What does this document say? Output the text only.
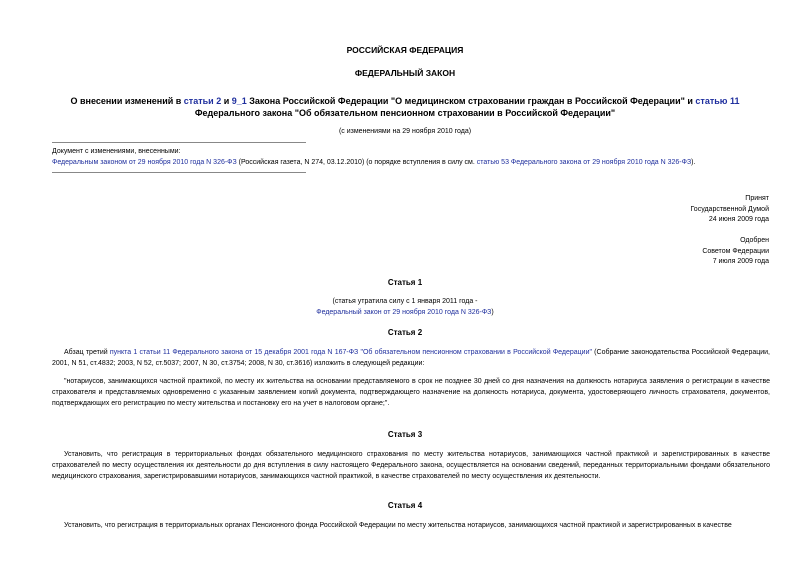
РОССИЙСКАЯ ФЕДЕРАЦИЯ
ФЕДЕРАЛЬНЫЙ ЗАКОН
О внесении изменений в статьи 2 и 9_1 Закона Российской Федерации "О медицинском страховании граждан в Российской Федерации" и статью 11 Федерального закона "Об обязательном пенсионном страховании в Российской Федерации"
(с изменениями на 29 ноября 2010 года)
Документ с изменениями, внесенными:
Федеральным законом от 29 ноября 2010 года N 326-ФЗ (Российская газета, N 274, 03.12.2010) (о порядке вступления в силу см. статью 53 Федерального закона от 29 ноября 2010 года N 326-ФЗ).
Принят
Государственной Думой
24 июня 2009 года
Одобрен
Советом Федерации
7 июля 2009 года
Статья 1
(статья утратила силу с 1 января 2011 года -
Федеральный закон от 29 ноября 2010 года N 326-ФЗ)
Статья 2
Абзац третий пункта 1 статьи 11 Федерального закона от 15 декабря 2001 года N 167-ФЗ "Об обязательном пенсионном страховании в Российской Федерации" (Собрание законодательства Российской Федерации, 2001, N 51, ст.4832; 2003, N 52, ст.5037; 2007, N 30, ст.3754; 2008, N 30, ст.3616) изложить в следующей редакции:
"нотариусов, занимающихся частной практикой, по месту их жительства на основании представляемого в срок не позднее 30 дней со дня назначения на должность нотариуса заявления о регистрации в качестве страхователя и представляемых одновременно с указанным заявлением копий документа, подтверждающего назначение на должность нотариуса, документа, удостоверяющего личность страхователя, документов, подтверждающих его регистрацию по месту жительства и постановку его на учет в налоговом органе;".
Статья 3
Установить, что регистрация в территориальных фондах обязательного медицинского страхования по месту жительства нотариусов, занимающихся частной практикой и зарегистрированных в качестве страхователей по месту осуществления их деятельности до дня вступления в силу настоящего Федерального закона, осуществляется на основании сведений, переданных территориальными фондами обязательного медицинского страхования, зарегистрировавшими нотариусов, занимающихся частной практикой, в качестве страхователей по месту осуществления их деятельности.
Статья 4
Установить, что регистрация в территориальных органах Пенсионного фонда Российской Федерации по месту жительства нотариусов, занимающихся частной практикой и зарегистрированных в качестве
